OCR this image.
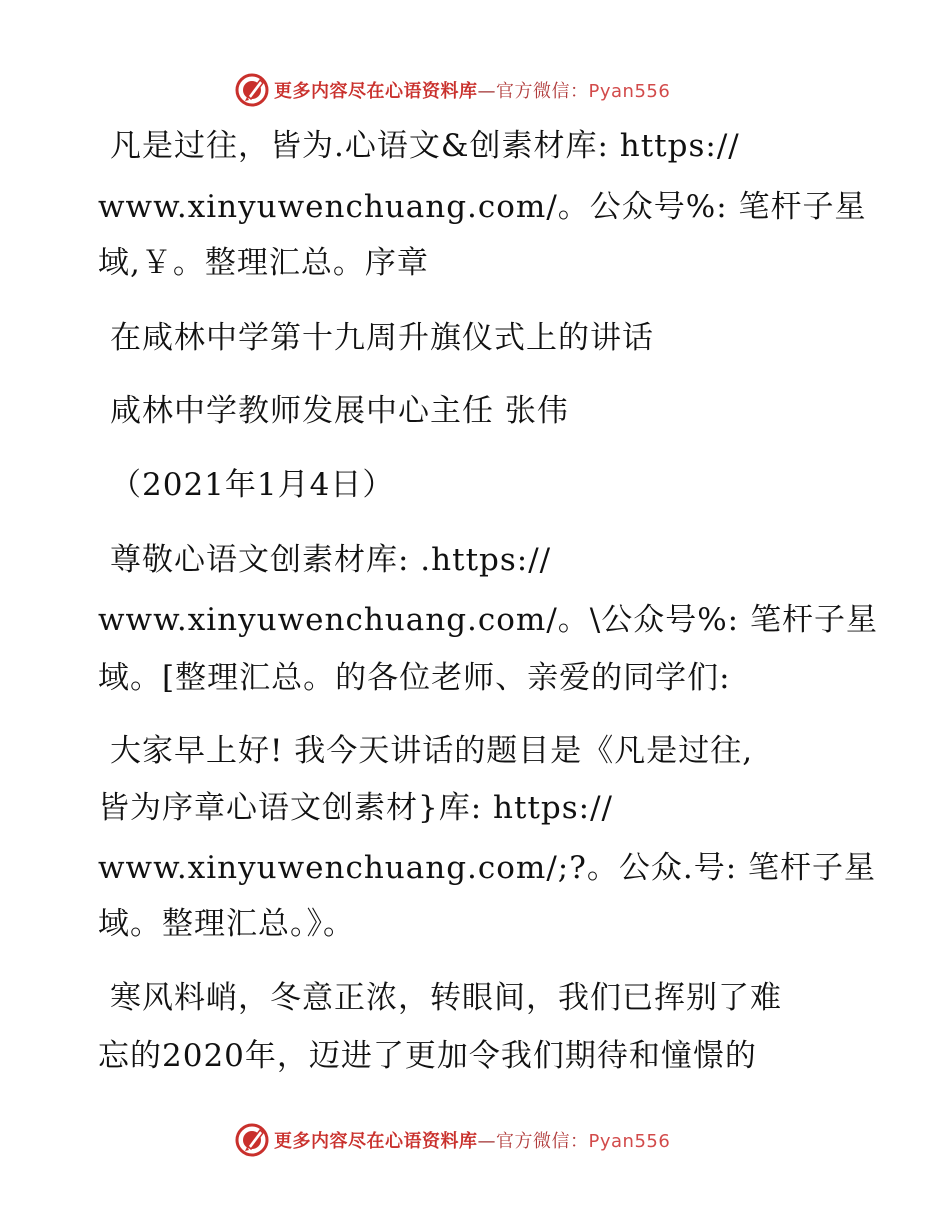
更多内容尽在心语资料库—官方微信：Pyan556
凡是过往，皆为.心语文&创素材库: https://
www.xinyuwenchuang.com/。公众号%: 笔杆子星
域,￥。整理汇总。序章
在咸林中学第十九周升旗仪式上的讲话
咸林中学教师发展中心主任 张伟
（2021年1月4日）
尊敬心语文创素材库: .https://
www.xinyuwenchuang.com/。\公众号%: 笔杆子星
域。[整理汇总。的各位老师、亲爱的同学们:
大家早上好! 我今天讲话的题目是《凡是过往,
皆为序章心语文创素材}库: https://
www.xinyuwenchuang.com/;?。公众.号: 笔杆子星
域。整理汇总。》。
寒风料峭，冬意正浓，转眼间，我们已挥别了难
忘的2020年，迈进了更加令我们期待和憧憬的
更多内容尽在心语资料库—官方微信：Pyan556
